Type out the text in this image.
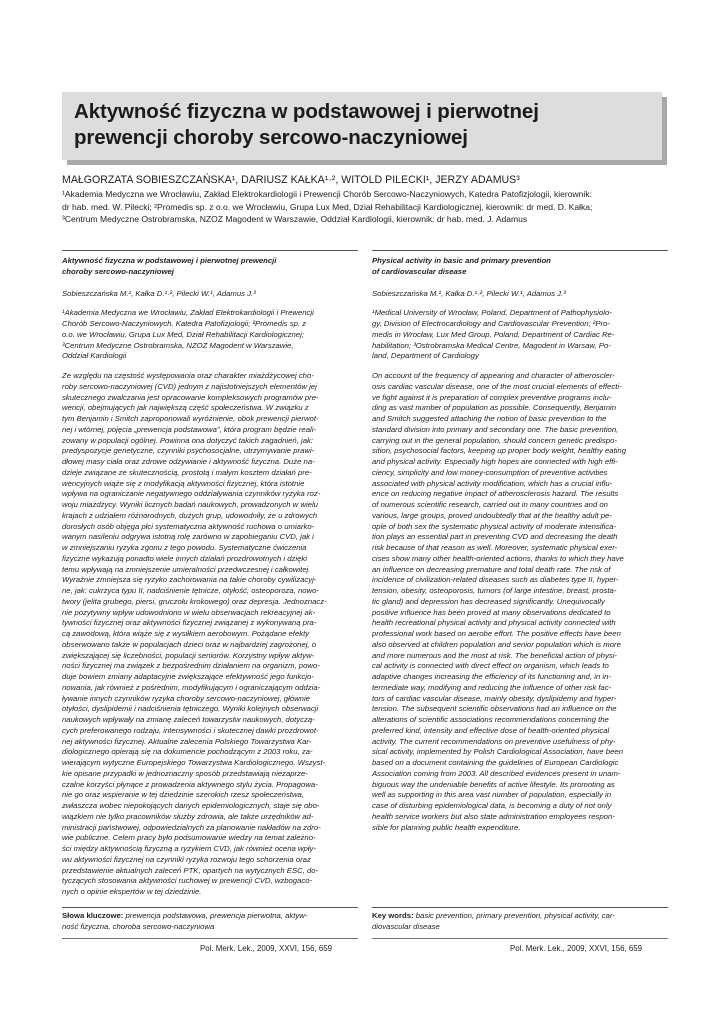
Aktywność fizyczna w podstawowej i pierwotnej
prewencji choroby sercowo-naczyniowej
MAŁGORZATA SOBIESZCZAŃSKA¹, DARIUSZ KAŁKA¹·², WITOLD PILECKI¹, JERZY ADAMUS³
¹Akademia Medyczna we Wrocławiu, Zakład Elektrokardiologii i Prewencji Chorób Sercowo-Naczyniowych, Katedra Patofizjologii, kierownik:
dr hab. med. W. Pilecki; ²Promedis sp. z o.o. we Wrocławiu, Grupa Lux Med, Dział Rehabilitacji Kardiologicznej, kierownik: dr med. D. Kałka;
³Centrum Medyczne Ostrobramska, NZOZ Magodent w Warszawie, Oddział Kardiologii, kierownik: dr hab. med. J. Adamus
Aktywność fizyczna w podstawowej i pierwotnej prewencji
choroby sercowo-naczyniowej
Sobieszczańska M.¹, Kałka D.¹·², Pilecki W.¹, Adamus J.³
¹Akademia Medyczna we Wrocławiu, Zakład Elektrokardiologii i Prewencji
Chorób Sercowo-Naczyniowych, Katedra Patofizjologii; ²Promedis sp. z
o.o. we Wrocławiu, Grupa Lux Med, Dział Rehabilitacji Kardiologicznej;
³Centrum Medyczne Ostrobramska, NZOZ Magodent w Warszawie,
Oddział Kardiologii
Ze względu na częstość występowania oraz charakter miażdżycowej cho-
roby sercowo-naczyniowej (CVD) jednym z najistotniejszych elementów jej
skutecznego zwalczania jest opracowanie kompleksowych programów pre-
wencji, obejmujących jak największą część społeczeństwa. W związku z
tym Benjamin i Smitch zaproponowali wyróżnienie, obok prewencji pierwot-
nej i wtórnej, pojęcia „prewencja podstawowa”, która program będzie reali-
zowany w populacji ogólnej. Powinna ona dotyczyć takich zagadnień, jak:
predyspozycje genetyczne, czynniki psychosocjalne, utrzymywanie prawi-
dłowej masy ciała oraz zdrowe odżywianie i aktywność fizyczna. Duże na-
dzieje związane ze skutecznością, prostotą i małym kosztem działań pre-
wencyjnych wiąże się z modyfikacją aktywności fizycznej, która istotnie
wpływa na ograniczanie negatywnego oddziaływania czynników ryzyka roz-
woju miażdżycy. Wyniki licznych badań naukowych, prowadzonych w wielu
krajach z udziałem różnorodnych, dużych grup, udowodniły, że u zdrowych
dorosłych osób objęga płci systematyczna aktywność ruchowa o umiarko-
wanym nasileniu odgrywa istotną rolę zarówno w zapobieganiu CVD, jak i
w zmniejszaniu ryzyka zgonu z tego powodu. Systematyczne ćwiczenia
fizyczne wykazują ponadto wiele innych działań prozdrowotnych i dzięki
temu wpływają na zmniejszenie umieralności przedwczesnej i całkowitej.
Wyraźnie zmniejsza się ryzyko zachorowania na takie choroby cywilizacyj-
ne, jak: cukrzyca typu II, nadciśnienie tętnicze, otyłość, osteoporoza, nowo-
twory (jelita grubego, piersi, gruczołu krokowego) oraz depresja. Jednoznacz-
nie pozytywny wpływ udowodniono w wielu obserwacjach rekreacyjnej ak-
tywności fizycznej oraz aktywności fizycznej związanej z wykonywaną pra-
cą zawodową, która wiąże się z wysiłkiem aerobowym. Pożądane efekty
obserwowano także w populacjach dzieci oraz w najbardziej zagrożonej, o
zwiększającej się liczebności, populacji seniorów. Korzystny wpływ aktyw-
ności fizycznej ma związek z bezpośrednim działaniem na organizm, powo-
duje bowiem zmiany adaptacyjne zwiększające efektywność jego funkcjo-
nowania, jak również z pośrednim, modyfikującym i ograniczającym oddzia-
ływanie innych czynników ryzyka choroby sercowo-naczyniowej, głównie
otyłości, dyslipidemii i nadciśnienia tętniczego. Wyniki kolejnych obserwacji
naukowych wpływały na zmianę zaleceń towarzystw naukowych, dotyczą-
cych preferowanego rodzaju, intensywności i skutecznej dawki prozdrowot-
nej aktywności fizycznej. Aktualne zalecenia Polskiego Towarzystwa Kar-
diologicznego opierają się na dokumencie pochodzącym z 2003 roku, za-
wierającym wytyczne Europejskiego Towarzystwa Kardiologicznego. Wszyst-
kie opisane przypadki w jednoznaczny sposób przedstawiają niezaprze-
czalne korzyści płynące z prowadzenia aktywnego stylu życia. Propagowa-
nie go oraz wspieranie w tej dziedzinie szerokich rzesz społeczeństwa,
zwłaszcza wobec niepokojących danych epidemiologicznych, staje się obo-
wiązkiem nie tylko pracowników służby zdrowia, ale także urzędników ad-
ministracji państwowej, odpowiedzialnych za planowanie nakładów na zdro-
wie publiczne. Celem pracy było podsumowanie wiedzy na temat zależno-
ści między aktywnością fizyczną a ryzykiem CVD, jak również ocena wpły-
wu aktywności fizycznej na czynniki ryzyka rozwoju tego schorzenia oraz
przedstawienie aktualnych zaleceń PTK, opartych na wytycznych ESC, do-
tyczących stosowania aktywności ruchowej w prewencji CVD, wzbogaco-
nych o opinie ekspertów w tej dziedzinie.
Physical activity in basic and primary prevention
of cardiovascular disease
Sobieszczańska M.¹, Kałka D.¹·², Pilecki W.¹, Adamus J.³
¹Medical University of Wrocław, Poland, Department of Pathophysiolo-
gy, Division of Electrocardiology and Cardiovascular Prevention; ²Pro-
medis in Wrocław, Lux Med Group, Poland, Department of Cardiac Re-
habilitation; ³Ostrobramska Medical Centre, Magodent in Warsaw, Po-
land, Department of Cardiology
On account of the frequency of appearing and character of atheroscler-
osis cardiac vascular disease, one of the most crucial elements of effecti-
ve fight against it is preparation of complex preventive programs inclu-
ding as vast number of population as possible. Consequently, Benjamin
and Smitch suggested attaching the notion of basic prevention to the
standard division into primary and secondary one. The basic prevention,
carrying out in the general population, should concern genetic predispo-
sition, psychosocial factors, keeping up proper body weight, healthy eating
and physical activity. Especially high hopes are connected with high effi-
ciency, simplicity and low money-consumption of preventive activities
associated with physical activity modification, which has a crucial influ-
ence on reducing negative impact of atherosclerosis hazard. The results
of numerous scientific research, carried out in many countries and on
various, large groups, proved undoubtedly that at the healthy adult pe-
ople of both sex the systematic physical activity of moderate intensifica-
tion plays an essential part in preventing CVD and decreasing the death
risk because of that reason as well. Moreover, systematic physical exer-
cises show many other health-oriented actions, thanks to which they have
an influence on decreasing premature and total death rate. The risk of
incidence of civilization-related diseases such as diabetes type II, hyper-
tension, obesity, osteoporosis, tumors (of large intestine, breast, prosta-
tic gland) and depression has decreased significantly. Unequivocally
positive influence has been proved at many observations dedicated to
health recreational physical activity and physical activity connected with
professional work based on aerobe effort. The positive effects have been
also observed at children population and senior population which is more
and more numerous and the most at risk. The beneficial action of physi-
cal activity is connected with direct effect on organism, which leads to
adaptive changes increasing the efficiency of its functioning and, in in-
termediate way, modifying and reducing the influence of other risk fac-
tors of cardiac vascular disease, mainly obesity, dyslipidemy and hyper-
tension. The subsequent scientific observations had an influence on the
alterations of scientific associations recommendations concerning the
preferred kind, intensity and effective dose of health-oriented physical
activity. The current recommendations on preventive usefulness of phy-
sical activity, implemented by Polish Cardiological Association, have been
based on a document containing the guidelines of European Cardiologic
Association coming from 2003. All described evidences present in unam-
biguous way the undeniable benefits of active lifestyle. Its promoting as
well as supporting in this area vast number of population, especially in
case of disturbing epidemiological data, is becoming a duty of not only
health service workers but also state administration employees respon-
sible for planning public health expenditure.
Słowa kluczowe: prewencja podstawowa, prewencja pierwotna, aktyw-
ność fizyczna, choroba sercowo-naczyniowa
Key words: basic prevention, primary prevention, physical activity, car-
diovascular disease
Pol. Merk. Lek., 2009, XXVI, 156, 659	Pol. Merk. Lek., 2009, XXVI, 156, 659
